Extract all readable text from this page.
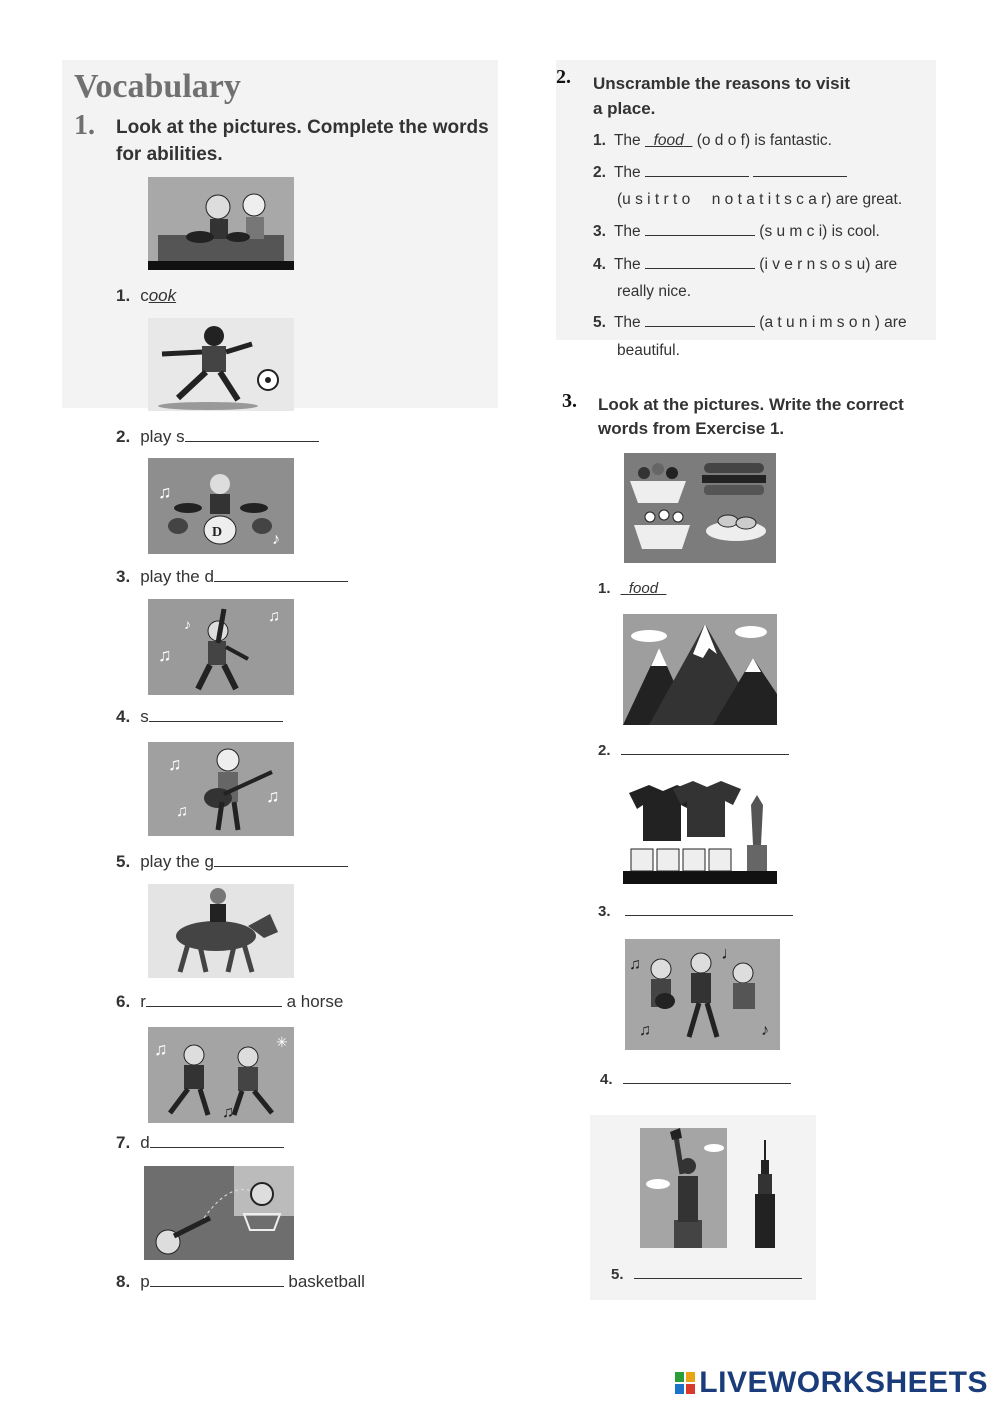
Vocabulary
1. Look at the pictures. Complete the words for abilities.
D
♫
♪
♫
♫
♪
♫
♫
♫
♫
♫
✳
1. cook
2. play s
3. play the d
4. s
5. play the g
6. r	a horse
7. d
8. p	basketball
2. Unscramble the reasons to visit
a place.
1. The food (o d o f) is fantastic.
2. The
(u s i t r t o     n o t a t i t s c a r) are great.
3. The	(s u m c i) is cool.
4. The	(i v e r n s o s u) are
really nice.
5. The	(a t u n i m s o n ) are
beautiful.
3. Look at the pictures. Write the correct
words from Exercise 1.
♫
♩
♫	♪
1. food
2.
3.
4.
5.
LIVEWORKSHEETS
